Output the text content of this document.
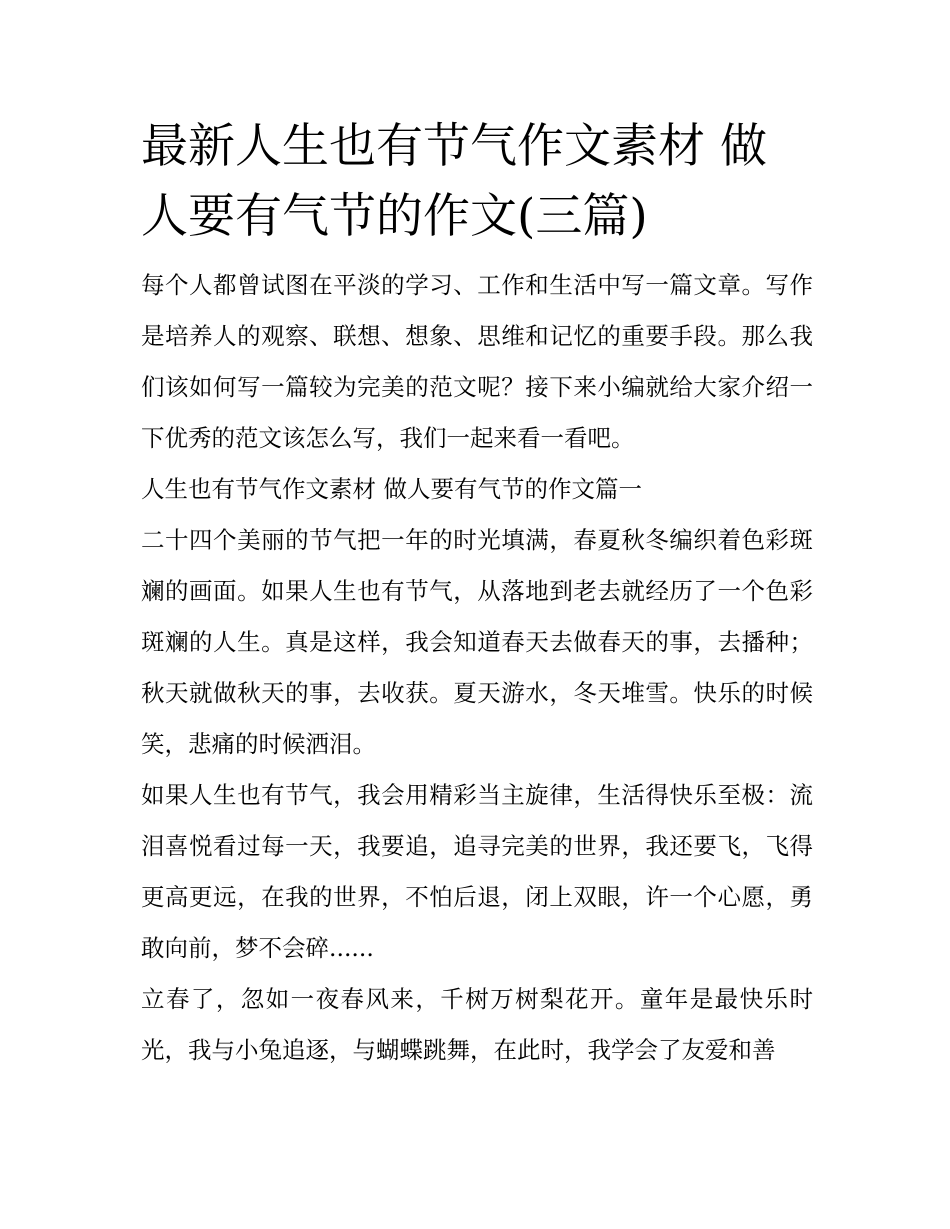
最新人生也有节气作文素材 做人要有气节的作文(三篇)

每个人都曾试图在平淡的学习、工作和生活中写一篇文章。写作是培养人的观察、联想、想象、思维和记忆的重要手段。那么我们该如何写一篇较为完美的范文呢？接下来小编就给大家介绍一下优秀的范文该怎么写，我们一起来看一看吧。

人生也有节气作文素材 做人要有气节的作文篇一

二十四个美丽的节气把一年的时光填满，春夏秋冬编织着色彩斑斓的画面。如果人生也有节气，从落地到老去就经历了一个色彩斑斓的人生。真是这样，我会知道春天去做春天的事，去播种；秋天就做秋天的事，去收获。夏天游水，冬天堆雪。快乐的时候笑，悲痛的时候洒泪。

如果人生也有节气，我会用精彩当主旋律，生活得快乐至极：流泪喜悦看过每一天，我要追，追寻完美的世界，我还要飞，飞得更高更远，在我的世界，不怕后退，闭上双眼，许一个心愿，勇敢向前，梦不会碎......

立春了，忽如一夜春风来，千树万树梨花开。童年是最快乐时光，我与小兔追逐，与蝴蝶跳舞，在此时，我学会了友爱和善
